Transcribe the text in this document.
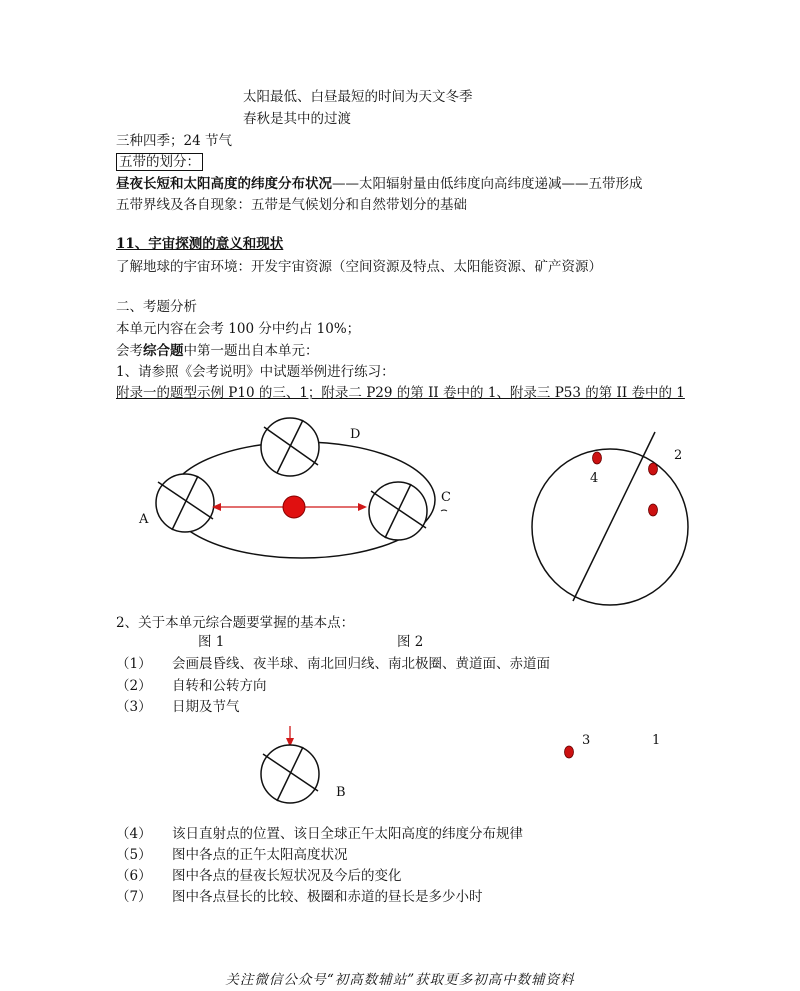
太阳最低、白昼最短的时间为天文冬季
春秋是其中的过渡
三种四季；24 节气
五带的划分：
昼夜长短和太阳高度的纬度分布状况——太阳辐射量由低纬度向高纬度递减——五带形成
五带界线及各自现象：五带是气候划分和自然带划分的基础
11、宇宙探测的意义和现状
了解地球的宇宙环境：开发宇宙资源（空间资源及特点、太阳能资源、矿产资源）
二、考题分析
本单元内容在会考 100 分中约占 10%；
会考综合题中第一题出自本单元：
1、请参照《会考说明》中试题举例进行练习：
附录一的题型示例 P10 的三、1；附录二 P29 的第 II 卷中的 1、附录三 P53 的第 II 卷中的 1
D
A
C
4
2
B
3	1
2、关于本单元综合题要掌握的基本点：
图 1	图 2
（1） 会画晨昏线、夜半球、南北回归线、南北极圈、黄道面、赤道面
（2） 自转和公转方向
（3） 日期及节气
（4） 该日直射点的位置、该日全球正午太阳高度的纬度分布规律
（5） 图中各点的正午太阳高度状况
（6） 图中各点的昼夜长短状况及今后的变化
（7） 图中各点昼长的比较、极圈和赤道的昼长是多少小时
关注微信公众号“初高数辅站”获取更多初高中数辅资料
